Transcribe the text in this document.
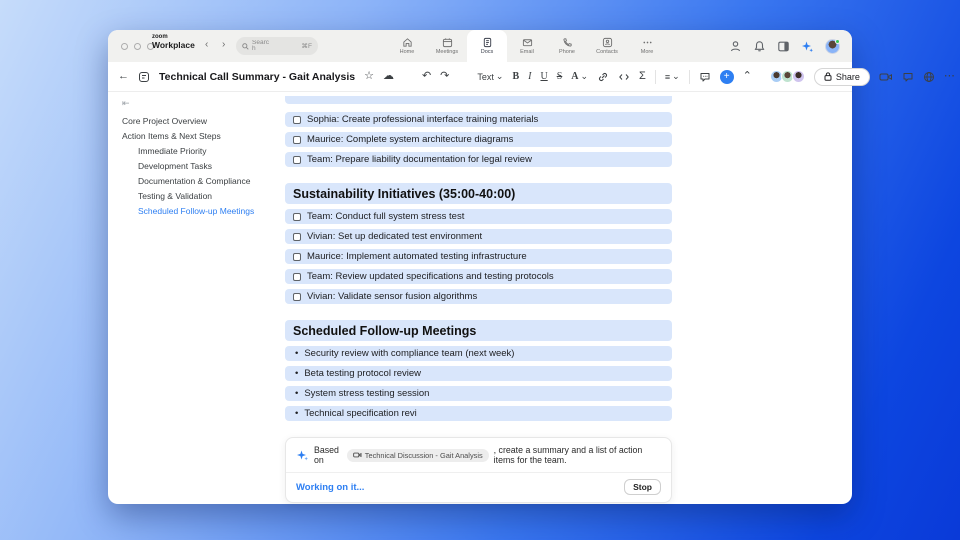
zoom
Workplace ‹ ›	Search	⌘F
Home	Meetings	Docs	Email	Phone	Contacts	More
←	Technical Call Summary - Gait Analysis ☆ ☁	↶ ↷	Text ⌄ B I U S A ⌄	Σ ≡ ⌄	+ ⌃	Share	⋯
⇤
Core Project Overview
Action Items & Next Steps
Immediate Priority
Development Tasks
Documentation & Compliance
Testing & Validation
Scheduled Follow-up Meetings
Sophia: Create professional interface training materials
Maurice: Complete system architecture diagrams
Team: Prepare liability documentation for legal review
Sustainability Initiatives (35:00-40:00)
Team: Conduct full system stress test
Vivian: Set up dedicated test environment
Maurice: Implement automated testing infrastructure
Team: Review updated specifications and testing protocols
Vivian: Validate sensor fusion algorithms
Scheduled Follow-up Meetings
• Security review with compliance team (next week)
• Beta testing protocol review
• System stress testing session
• Technical specification revi
Based on	Technical Discussion - Gait Analysis , create a summary and a list of action items for the team.
Working on it...	Stop
